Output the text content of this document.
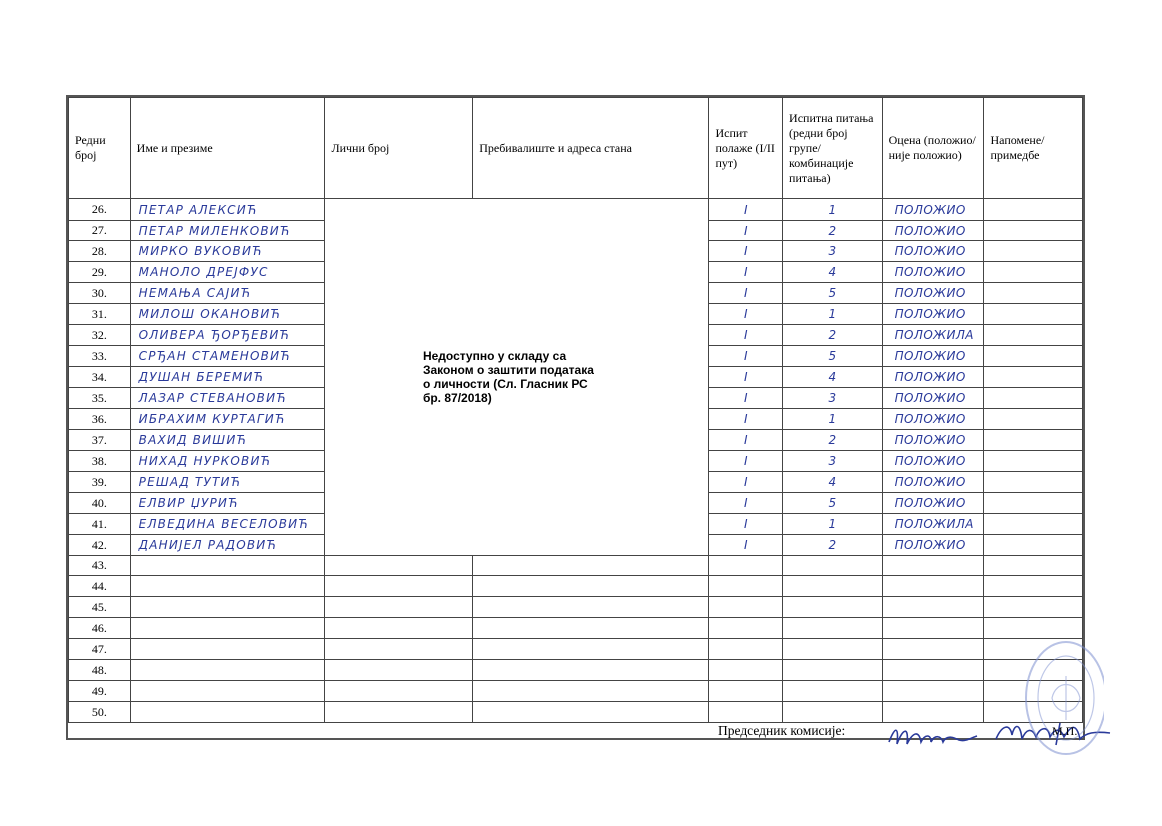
Редни број	Име и презиме	Лични број	Пребивалиште и адреса стана	Испит полаже (I/II пут)	Испитна питања (редни број групе/ комбинације питања)	Оцена (положио/ није положио)	Напомене/ примедбе
26.	ПЕТАР АЛЕКСИЋ	Недоступно у складу са Законом о заштити података о личности (Сл. Гласник РС бр. 87/2018)		I	1	ПОЛОЖИО	
27.	ПЕТАР МИЛЕНКОВИЋ			I	2	ПОЛОЖИО	
28.	МИРКО ВУКОВИЋ			I	3	ПОЛОЖИО	
29.	МАНОЛО ДРЕЈФУС			I	4	ПОЛОЖИО	
30.	НЕМАЊА САЈИЋ			I	5	ПОЛОЖИО	
31.	МИЛОШ ОКАНОВИЋ			I	1	ПОЛОЖИО	
32.	ОЛИВЕРА ЂОРЂЕВИЋ			I	2	ПОЛОЖИЛА	
33.	СРЂАН СТАМЕНОВИЋ			I	5	ПОЛОЖИО	
34.	ДУШАН БЕРЕМИЋ			I	4	ПОЛОЖИО	
35.	ЛАЗАР СТЕВАНОВИЋ			I	3	ПОЛОЖИО	
36.	ИБРАХИМ КУРТАГИЋ			I	1	ПОЛОЖИО	
37.	ВАХИД ВИШИЋ			I	2	ПОЛОЖИО	
38.	НИХАД НУРКОВИЋ			I	3	ПОЛОЖИО	
39.	РЕШАД ТУТИЋ			I	4	ПОЛОЖИО	
40.	ЕЛВИР ЏУРИЋ			I	5	ПОЛОЖИО	
41.	ЕЛВЕДИНА ВЕСЕЛОВИЋ			I	1	ПОЛОЖИЛА	
42.	ДАНИЈЕЛ РАДОВИЋ			I	2	ПОЛОЖИО	
43.							
44.							
45.							
46.							
47.							
48.							
49.							
50.							

Председник комисије:	М.П.
